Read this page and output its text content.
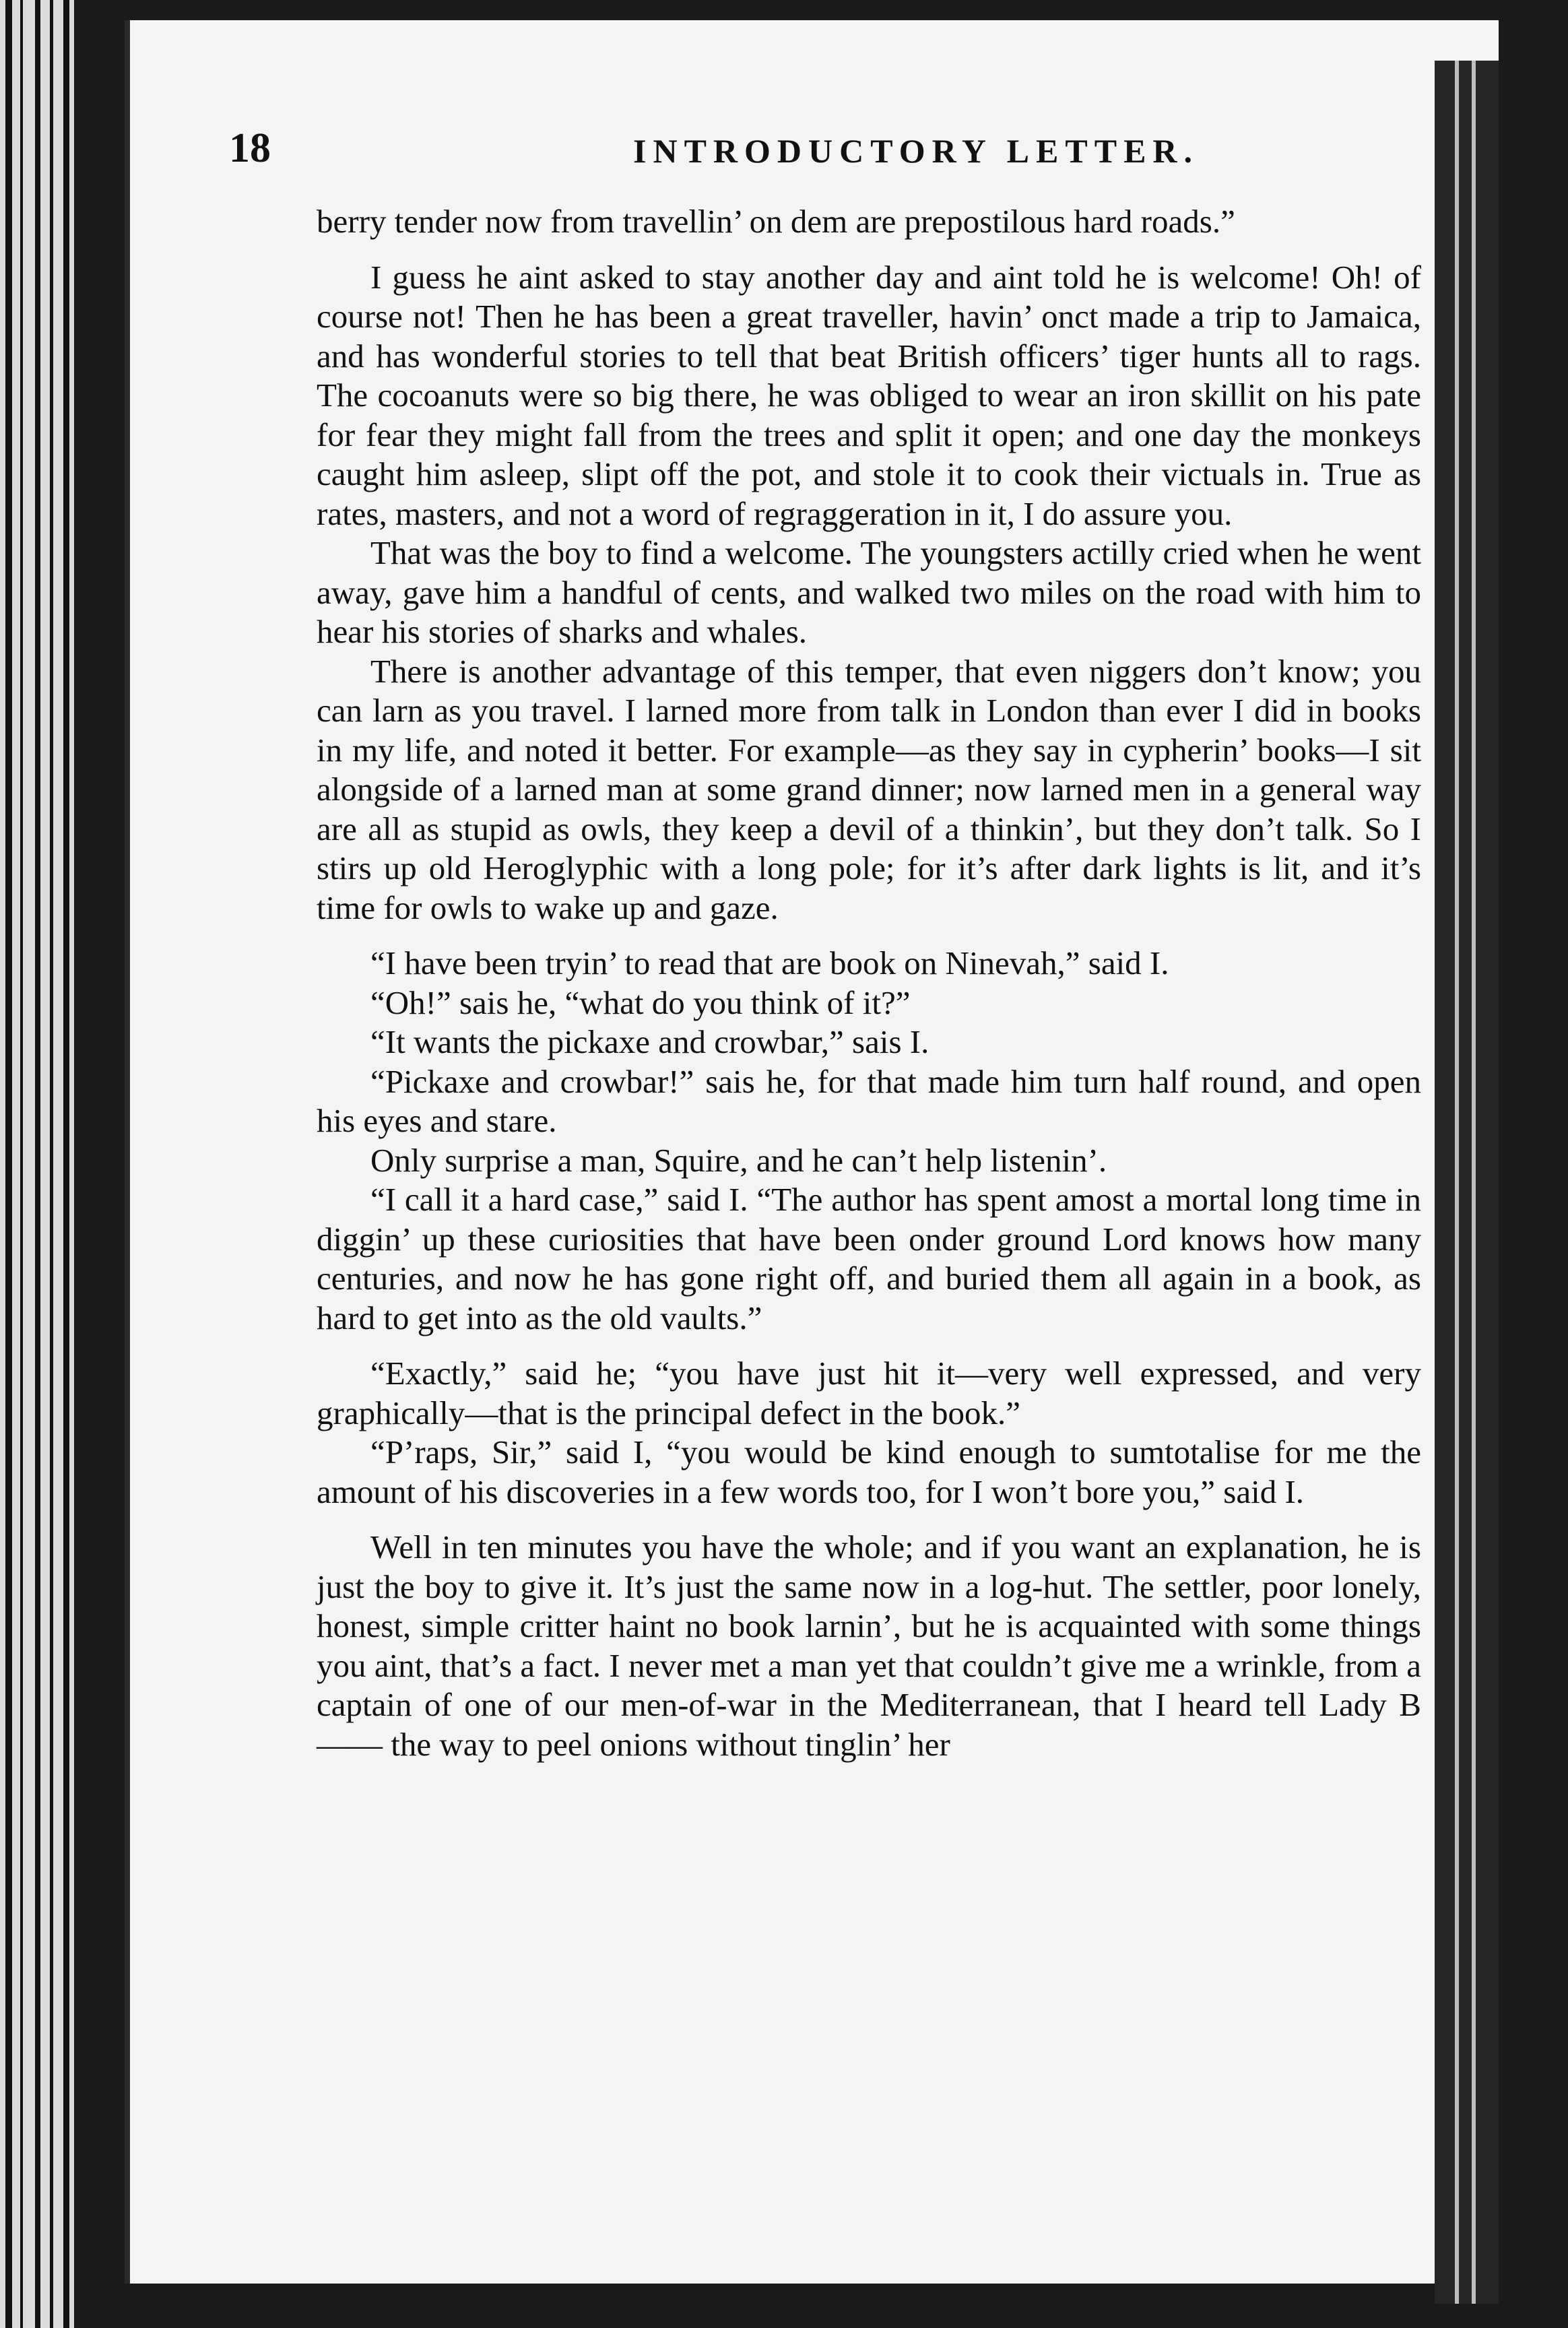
18	INTRODUCTORY LETTER.

berry tender now from travellin’ on dem are prepostilous hard roads.”

I guess he aint asked to stay another day and aint told he is welcome! Oh! of course not! Then he has been a great traveller, havin’ onct made a trip to Jamaica, and has wonderful stories to tell that beat British officers’ tiger hunts all to rags. The cocoanuts were so big there, he was obliged to wear an iron skillit on his pate for fear they might fall from the trees and split it open; and one day the monkeys caught him asleep, slipt off the pot, and stole it to cook their victuals in. True as rates, masters, and not a word of regraggeration in it, I do assure you.

That was the boy to find a welcome. The youngsters actilly cried when he went away, gave him a handful of cents, and walked two miles on the road with him to hear his stories of sharks and whales.

There is another advantage of this temper, that even niggers don’t know; you can larn as you travel. I larned more from talk in London than ever I did in books in my life, and noted it better. For example—as they say in cypherin’ books—I sit alongside of a larned man at some grand dinner; now larned men in a general way are all as stupid as owls, they keep a devil of a thinkin’, but they don’t talk. So I stirs up old Heroglyphic with a long pole; for it’s after dark lights is lit, and it’s time for owls to wake up and gaze.

“I have been tryin’ to read that are book on Ninevah,” said I.

“Oh!” sais he, “what do you think of it?”

“It wants the pickaxe and crowbar,” sais I.

“Pickaxe and crowbar!” sais he, for that made him turn half round, and open his eyes and stare.

Only surprise a man, Squire, and he can’t help listenin’.

“I call it a hard case,” said I. “The author has spent amost a mortal long time in diggin’ up these curiosities that have been onder ground Lord knows how many centuries, and now he has gone right off, and buried them all again in a book, as hard to get into as the old vaults.”

“Exactly,” said he; “you have just hit it—very well expressed, and very graphically—that is the principal defect in the book.”

“P’raps, Sir,” said I, “you would be kind enough to sumtotalise for me the amount of his discoveries in a few words too, for I won’t bore you,” said I.

Well in ten minutes you have the whole; and if you want an explanation, he is just the boy to give it. It’s just the same now in a log-hut. The settler, poor lonely, honest, simple critter haint no book larnin’, but he is acquainted with some things you aint, that’s a fact. I never met a man yet that couldn’t give me a wrinkle, from a captain of one of our men-of-war in the Mediterranean, that I heard tell Lady B—— the way to peel onions without tinglin’ her
